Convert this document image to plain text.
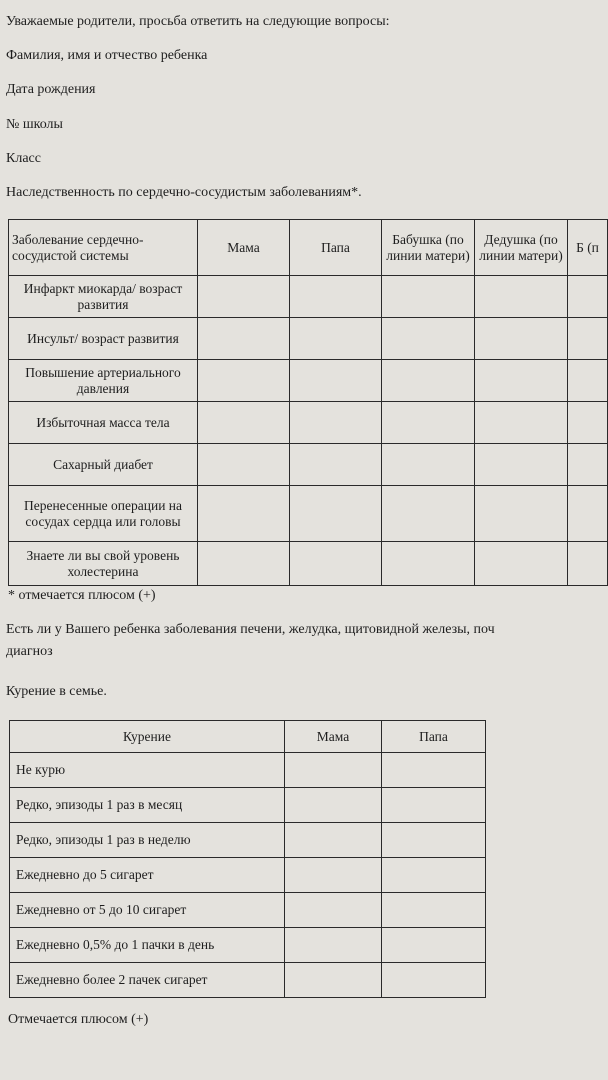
Уважаемые родители, просьба ответить на следующие вопросы:
Фамилия, имя и отчество ребенка
Дата рождения
№ школы
Класс
Наследственность по сердечно-сосудистым заболеваниям*.
Заболевание сердечно-сосудистой системы	Мама	Папа	Бабушка (по линии матери)	Дедушка (по линии матери)	Б (п
Инфаркт миокарда/ возраст развития					
Инсульт/ возраст развития					
Повышение артериального давления					
Избыточная масса тела					
Сахарный диабет					
Перенесенные операции на сосудах сердца или головы					
Знаете ли вы свой уровень холестерина					
* отмечается плюсом (+)
Есть ли у Вашего ребенка заболевания печени, желудка, щитовидной железы, поч
диагноз
Курение в семье.
Курение	Мама	Папа
Не курю		
Редко, эпизоды 1 раз в месяц		
Редко, эпизоды 1 раз в неделю		
Ежедневно до 5 сигарет		
Ежедневно от 5 до 10 сигарет		
Ежедневно 0,5% до 1 пачки в день		
Ежедневно более 2 пачек сигарет		
Отмечается плюсом (+)
